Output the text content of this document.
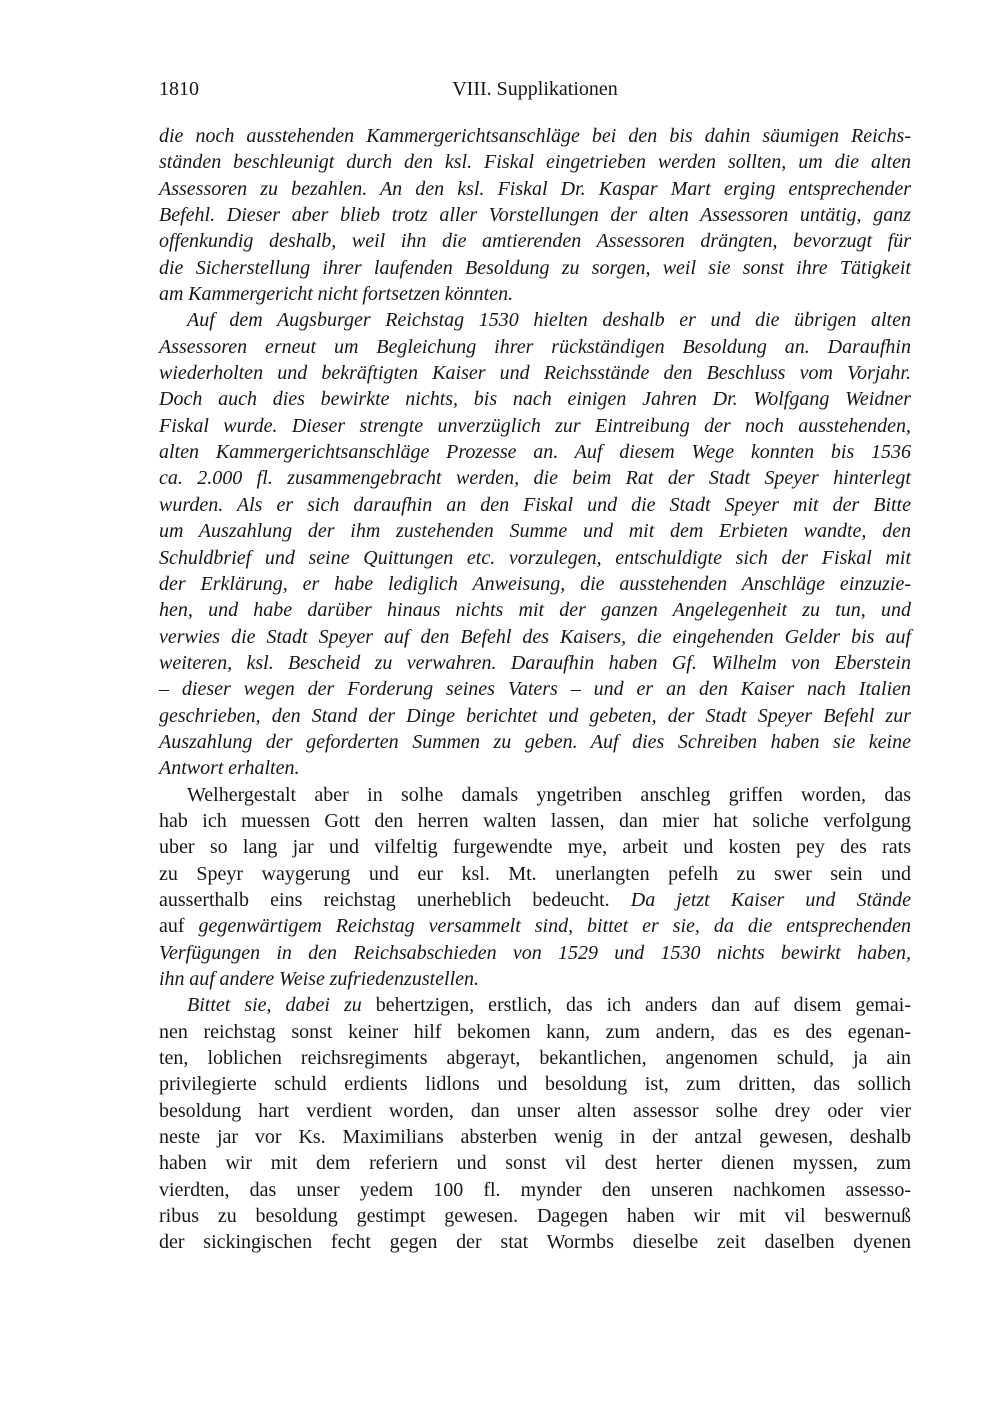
1810	VIII. Supplikationen
die noch ausstehenden Kammergerichtsanschläge bei den bis dahin säumigen Reichs-
ständen beschleunigt durch den ksl. Fiskal eingetrieben werden sollten, um die alten
Assessoren zu bezahlen. An den ksl. Fiskal Dr. Kaspar Mart erging entsprechender
Befehl. Dieser aber blieb trotz aller Vorstellungen der alten Assessoren untätig, ganz
offenkundig deshalb, weil ihn die amtierenden Assessoren drängten, bevorzugt für
die Sicherstellung ihrer laufenden Besoldung zu sorgen, weil sie sonst ihre Tätigkeit
am Kammergericht nicht fortsetzen könnten.
Auf dem Augsburger Reichstag 1530 hielten deshalb er und die übrigen alten
Assessoren erneut um Begleichung ihrer rückständigen Besoldung an. Daraufhin
wiederholten und bekräftigten Kaiser und Reichsstände den Beschluss vom Vorjahr.
Doch auch dies bewirkte nichts, bis nach einigen Jahren Dr. Wolfgang Weidner
Fiskal wurde. Dieser strengte unverzüglich zur Eintreibung der noch ausstehenden,
alten Kammergerichtsanschläge Prozesse an. Auf diesem Wege konnten bis 1536
ca. 2.000 fl. zusammengebracht werden, die beim Rat der Stadt Speyer hinterlegt
wurden. Als er sich daraufhin an den Fiskal und die Stadt Speyer mit der Bitte
um Auszahlung der ihm zustehenden Summe und mit dem Erbieten wandte, den
Schuldbrief und seine Quittungen etc. vorzulegen, entschuldigte sich der Fiskal mit
der Erklärung, er habe lediglich Anweisung, die ausstehenden Anschläge einzuzie-
hen, und habe darüber hinaus nichts mit der ganzen Angelegenheit zu tun, und
verwies die Stadt Speyer auf den Befehl des Kaisers, die eingehenden Gelder bis auf
weiteren, ksl. Bescheid zu verwahren. Daraufhin haben Gf. Wilhelm von Eberstein
– dieser wegen der Forderung seines Vaters – und er an den Kaiser nach Italien
geschrieben, den Stand der Dinge berichtet und gebeten, der Stadt Speyer Befehl zur
Auszahlung der geforderten Summen zu geben. Auf dies Schreiben haben sie keine
Antwort erhalten.
Welhergestalt aber in solhe damals yngetriben anschleg griffen worden, das
hab ich muessen Gott den herren walten lassen, dan mier hat soliche verfolgung
uber so lang jar und vilfeltig furgewendte mye, arbeit und kosten pey des rats
zu Speyr waygerung und eur ksl. Mt. unerlangten pefelh zu swer sein und
ausserthalb eins reichstag unerheblich bedeucht. Da jetzt Kaiser und Stände
auf gegenwärtigem Reichstag versammelt sind, bittet er sie, da die entsprechenden
Verfügungen in den Reichsabschieden von 1529 und 1530 nichts bewirkt haben,
ihn auf andere Weise zufriedenzustellen.
Bittet sie, dabei zu behertzigen, erstlich, das ich anders dan auf disem gemai-
nen reichstag sonst keiner hilf bekomen kann, zum andern, das es des egenan-
ten, loblichen reichsregiments abgerayt, bekantlichen, angenomen schuld, ja ain
privilegierte schuld erdients lidlons und besoldung ist, zum dritten, das sollich
besoldung hart verdient worden, dan unser alten assessor solhe drey oder vier
neste jar vor Ks. Maximilians absterben wenig in der antzal gewesen, deshalb
haben wir mit dem referiern und sonst vil dest herter dienen myssen, zum
vierdten, das unser yedem 100 fl. mynder den unseren nachkomen assesso-
ribus zu besoldung gestimpt gewesen. Dagegen haben wir mit vil beswernuß
der sickingischen fecht gegen der stat Wormbs dieselbe zeit daselben dyenen
